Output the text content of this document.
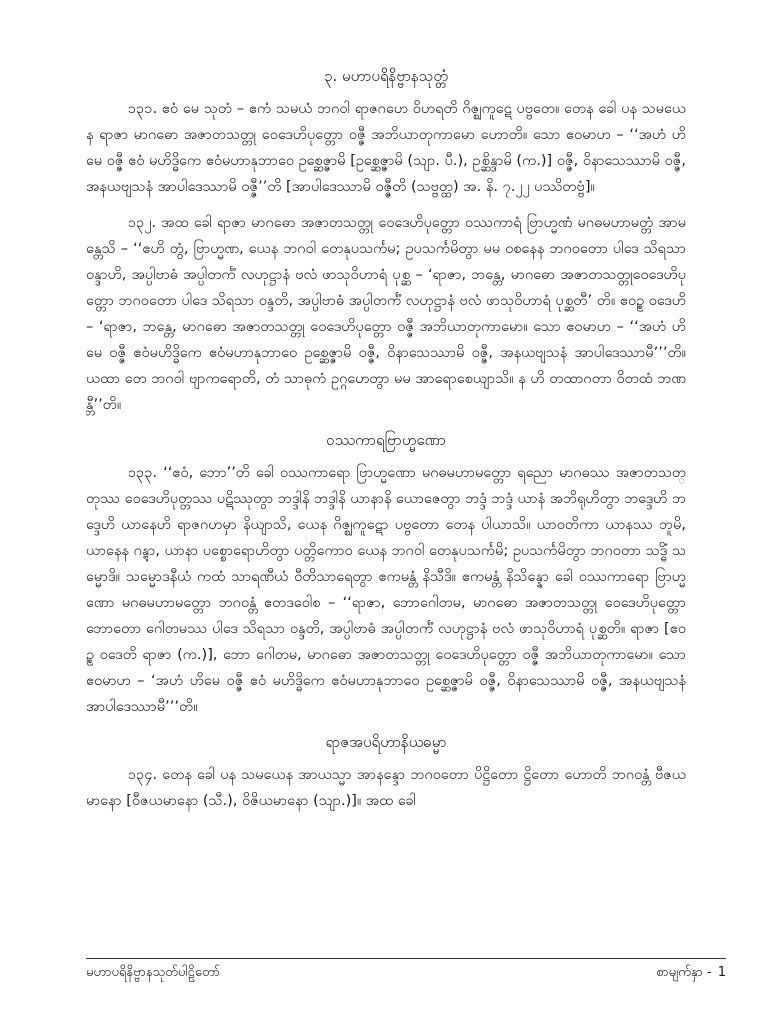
၃. မဟာပရိနိဗ္ဗာနသုတ္တံ

၁၃၁. ဧဝံ မေ သုတံ – ဧကံ သမယံ ဘဂဝါ ရာဇဂဟေ ဝိဟရတိ ဂိဇ္ဈကူဋေ ပဗ္ဗတေ။ တေန ခေါ ပန သမယေန ရာဇာ မာဂဓော အဇာတသတ္တု ဝေဒေဟိပုတ္တော ဝဇ္ဇီ အဘိယာတုကာမော ဟောတိ။ သော ဧဝမာဟ – ‘‘အဟံ ဟိမေ ဝဇ္ဇီ ဧဝံ မဟိဒ္ဓိကေ ဧဝံမဟာနုဘာဝေ ဥစ္ဆေဇ္ဇာမိ [ဥစ္ဆေဇ္ဇာမိ (သျာ. ပီ.), ဥစ္ဆိန္ဒာမိ (က.)] ဝဇ္ဇီ, ဝိနာသေဿာမိ ဝဇ္ဇီ, အနယဗျသနံ အာပါဒေဿာမိ ဝဇ္ဇီ’’တိ [အာပါဒေဿာမိ ဝဇ္ဇီတိ (သဗ္ဗတ္ထ) အ. နိ. ၇.၂၂ ပဿိတဗ္ဗံ]။

၁၃၂. အထ ခေါ ရာဇာ မာဂဓော အဇာတသတ္တု ဝေဒေဟိပုတ္တော ဝဿကာရံ ဗြာဟ္မဏံ မဂဓမဟာမတ္တံ အာမန္တေသိ – ‘‘ဧဟိ တွံ, ဗြာဟ္မဏ, ယေန ဘဂဝါ တေနုပသင်္ကမ; ဥပသင်္ကမိတွာ မမ ဝစနေန ဘဂဝတော ပါဒေ သိရသာ ဝန္ဒာဟိ, အပ္ပါဗာဓံ အပ္ပါတင်္ကံ လဟုဋ္ဌာနံ ဗလံ ဖာသုဝိဟာရံ ပုစ္ဆ – ‘ရာဇာ, ဘန္တေ, မာဂဓော အဇာတသတ္တုဝေဒေဟိပုတ္တော ဘဂဝတော ပါဒေ သိရသာ ဝန္ဒတိ, အပ္ပါဗာဓံ အပ္ပါတင်္ကံ လဟုဋ္ဌာနံ ဗလံ ဖာသုဝိဟာရံ ပုစ္ဆတီ’ တိ။ ဧဝဉ္စ ဝဒေဟိ – ‘ရာဇာ, ဘန္တေ, မာဂဓော အဇာတသတ္တု ဝေဒေဟိပုတ္တော ဝဇ္ဇီ အဘိယာတုကာမော။ သော ဧဝမာဟ – ‘‘အဟံ ဟိမေ ဝဇ္ဇီ ဧဝံမဟိဒ္ဓိကေ ဧဝံမဟာနုဘာဝေ ဥစ္ဆေဇ္ဇာမိ ဝဇ္ဇီ, ဝိနာသေဿာမိ ဝဇ္ဇီ, အနယဗျသနံ အာပါဒေဿာမီ’’’တိ။ ယထာ တေ ဘဂဝါ ဗျာကရောတိ, တံ သာဓုကံ ဥဂ္ဂဟေတွာ မမ အာရောစေယျာသိ။ န ဟိ တထာဂတာ ဝိတထံ ဘဏန္တီ’’တိ။

ဝဿကာရဗြာဟ္မဏော

၁၃၃. ‘‘ဧဝံ, ဘော’’တိ ခေါ ဝဿကာရော ဗြာဟ္မဏော မဂဓမဟာမတ္တော ရညော မာဂဓဿ အဇာတသတ္တုဿ ဝေဒေဟိပုတ္တဿ ပဋိဿုတွာ ဘဒ္ဒါနိ ဘဒ္ဒါနိ ယာနာနိ ယောဇေတွာ ဘဒ္ဒံ ဘဒ္ဒံ ယာနံ အဘိရုဟိတွာ ဘဒ္ဒေဟိ ဘဒ္ဒေဟိ ယာနေဟိ ရာဇဂဟမှာ နိယျာသိ, ယေန ဂိဇ္ဈကူဋော ပဗ္ဗတော တေန ပါယာသိ။ ယာဝတိကာ ယာနဿ ဘူမိ, ယာနေန ဂန္တွာ, ယာနာ ပစ္စောရောဟိတွာ ပတ္တိကောဝ ယေန ဘဂဝါ တေနုပသင်္ကမိ; ဥပသင်္ကမိတွာ ဘဂဝတာ သဒ္ဓိံ သမ္မောဒိ။ သမ္မောဒနီယံ ကထံ သာရဏီယံ ဝီတိသာရေတွာ ဧကမန္တံ နိသီဒိ။ ဧကမန္တံ နိသိန္နော ခေါ ဝဿကာရော ဗြာဟ္မဏော မဂဓမဟာမတ္တော ဘဂဝန္တံ ဧတဒဝေါစ – ‘‘ရာဇာ, ဘောဂေါတမ, မာဂဓော အဇာတသတ္တု ဝေဒေဟိပုတ္တော ဘောတော ဂေါတမဿ ပါဒေ သိရသာ ဝန္ဒတိ, အပ္ပါဗာဓံ အပ္ပါတင်္ကံ လဟုဋ္ဌာနံ ဗလံ ဖာသုဝိဟာရံ ပုစ္ဆတိ။ ရာဇာ [ဧဝဉ္စ ဝဒေတိ ရာဇာ (က.)], ဘော ဂေါတမ, မာဂဓော အဇာတသတ္တု ဝေဒေဟိပုတ္တော ဝဇ္ဇီ အဘိယာတုကာမော။ သော ဧဝမာဟ – ‘အဟံ ဟိမေ ဝဇ္ဇီ ဧဝံ မဟိဒ္ဓိကေ ဧဝံမဟာနုဘာဝေ ဥစ္ဆေဇ္ဇာမိ ဝဇ္ဇီ, ဝိနာသေဿာမိ ဝဇ္ဇီ, အနယဗျသနံ အာပါဒေဿာမီ’’’တိ။

ရာဇအပရိဟာနိယဓမ္မာ

၁၃၄. တေန ခေါ ပန သမယေန အာယသ္မာ အာနန္ဒော ဘဂဝတော ပိဋ္ဌိတော ဋ္ဌိတော ဟောတိ ဘဂဝန္တံ ဗီဇယမာနော [ဝီဇယမာနော (သီ.), ဝိဇိယမာနော (သျာ.)]။ အထ ခေါ

မဟာပရိနိဗ္ဗာနသုတ်ပါဠိတော်	စာမျက်နှာ - 1
